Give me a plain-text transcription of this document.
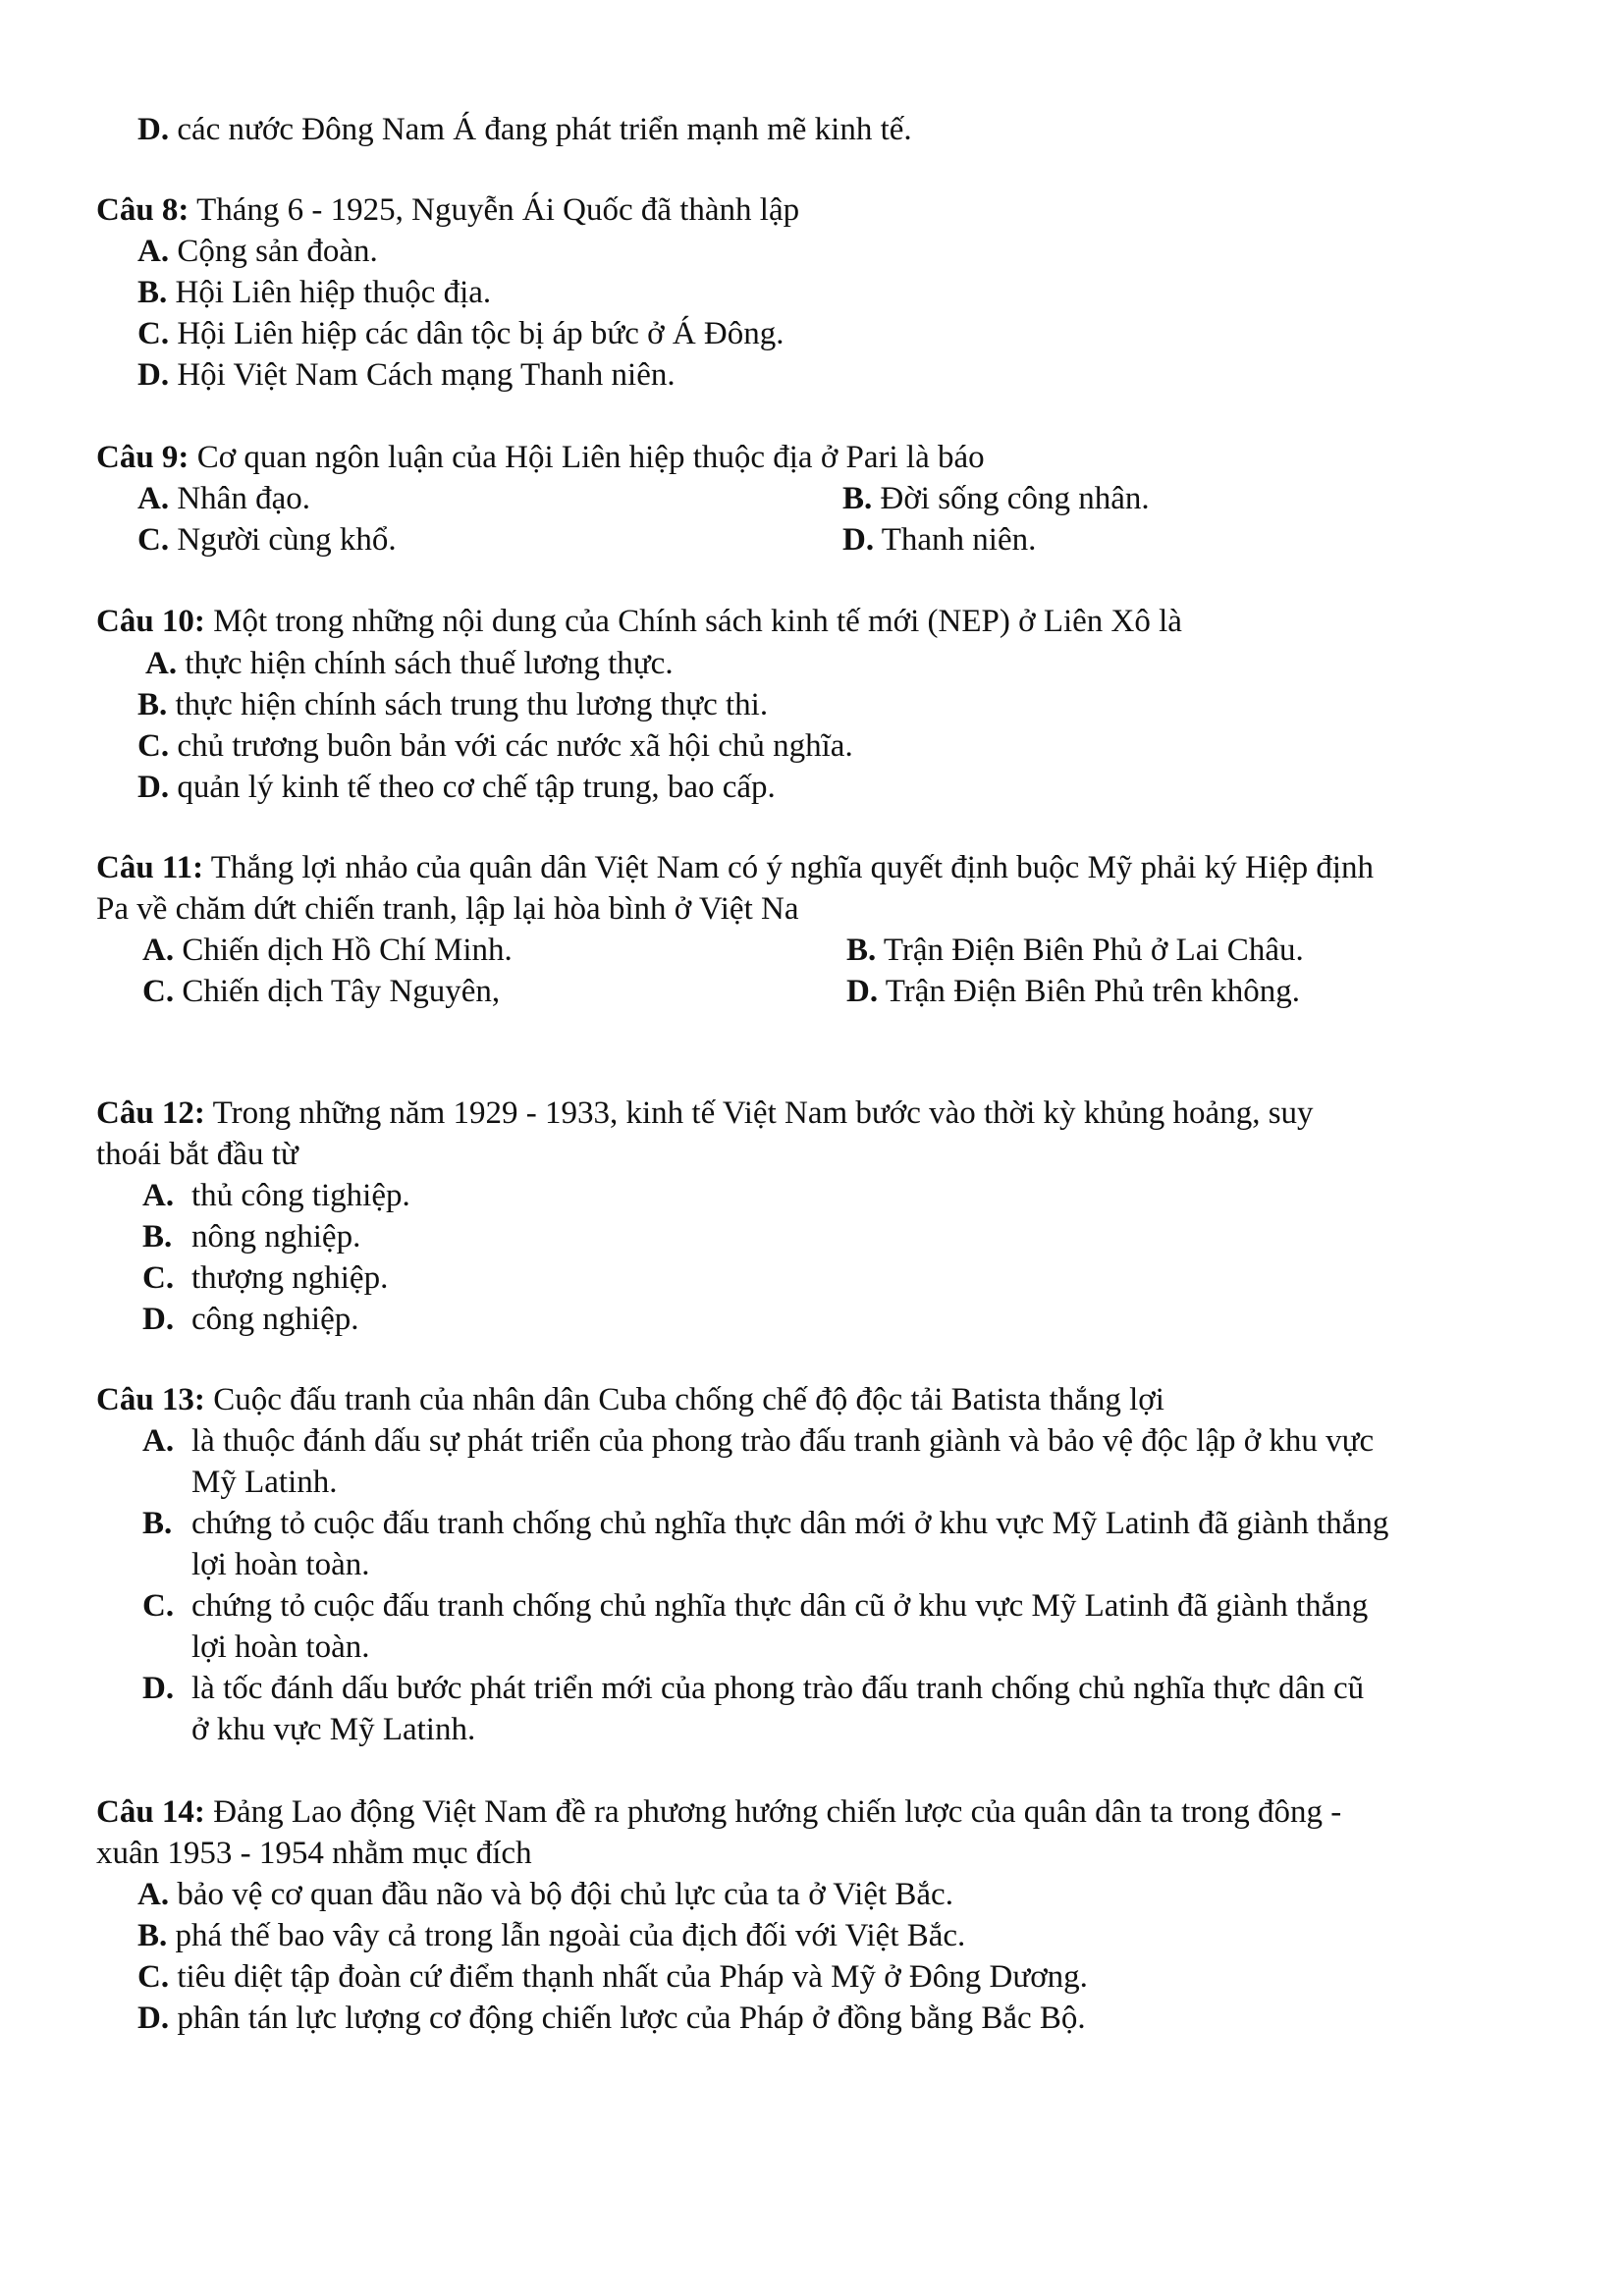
D. các nước Đông Nam Á đang phát triển mạnh mẽ kinh tế.
Câu 8: Tháng 6 - 1925, Nguyễn Ái Quốc đã thành lập
A. Cộng sản đoàn.
B. Hội Liên hiệp thuộc địa.
C. Hội Liên hiệp các dân tộc bị áp bức ở Á Đông.
D. Hội Việt Nam Cách mạng Thanh niên.
Câu 9: Cơ quan ngôn luận của Hội Liên hiệp thuộc địa ở Pari là báo
A. Nhân đạo.	B. Đời sống công nhân.
C. Người cùng khổ.	D. Thanh niên.
Câu 10: Một trong những nội dung của Chính sách kinh tế mới (NEP) ở Liên Xô là
A. thực hiện chính sách thuế lương thực.
B. thực hiện chính sách trung thu lương thực thi.
C. chủ trương buôn bản với các nước xã hội chủ nghĩa.
D. quản lý kinh tế theo cơ chế tập trung, bao cấp.
Câu 11: Thắng lợi nhảo của quân dân Việt Nam có ý nghĩa quyết định buộc Mỹ phải ký Hiệp định
Pa về chăm dứt chiến tranh, lập lại hòa bình ở Việt Na
A. Chiến dịch Hồ Chí Minh.	B. Trận Điện Biên Phủ ở Lai Châu.
C. Chiến dịch Tây Nguyên,	D. Trận Điện Biên Phủ trên không.
Câu 12: Trong những năm 1929 - 1933, kinh tế Việt Nam bước vào thời kỳ khủng hoảng, suy
thoái bắt đầu từ
A. thủ công tighiệp.
B. nông nghiệp.
C. thượng nghiệp.
D. công nghiệp.
Câu 13: Cuộc đấu tranh của nhân dân Cuba chống chế độ độc tải Batista thắng lợi
A. là thuộc đánh dấu sự phát triển của phong trào đấu tranh giành và bảo vệ độc lập ở khu vực
Mỹ Latinh.
B. chứng tỏ cuộc đấu tranh chống chủ nghĩa thực dân mới ở khu vực Mỹ Latinh đã giành thắng
lợi hoàn toàn.
C. chứng tỏ cuộc đấu tranh chống chủ nghĩa thực dân cũ ở khu vực Mỹ Latinh đã giành thắng
lợi hoàn toàn.
D. là tốc đánh dấu bước phát triển mới của phong trào đấu tranh chống chủ nghĩa thực dân cũ
ở khu vực Mỹ Latinh.
Câu 14: Đảng Lao động Việt Nam đề ra phương hướng chiến lược của quân dân ta trong đông -
xuân 1953 - 1954 nhằm mục đích
A. bảo vệ cơ quan đầu não và bộ đội chủ lực của ta ở Việt Bắc.
B. phá thế bao vây cả trong lẫn ngoài của địch đối với Việt Bắc.
C. tiêu diệt tập đoàn cứ điểm thạnh nhất của Pháp và Mỹ ở Đông Dương.
D. phân tán lực lượng cơ động chiến lược của Pháp ở đồng bằng Bắc Bộ.
